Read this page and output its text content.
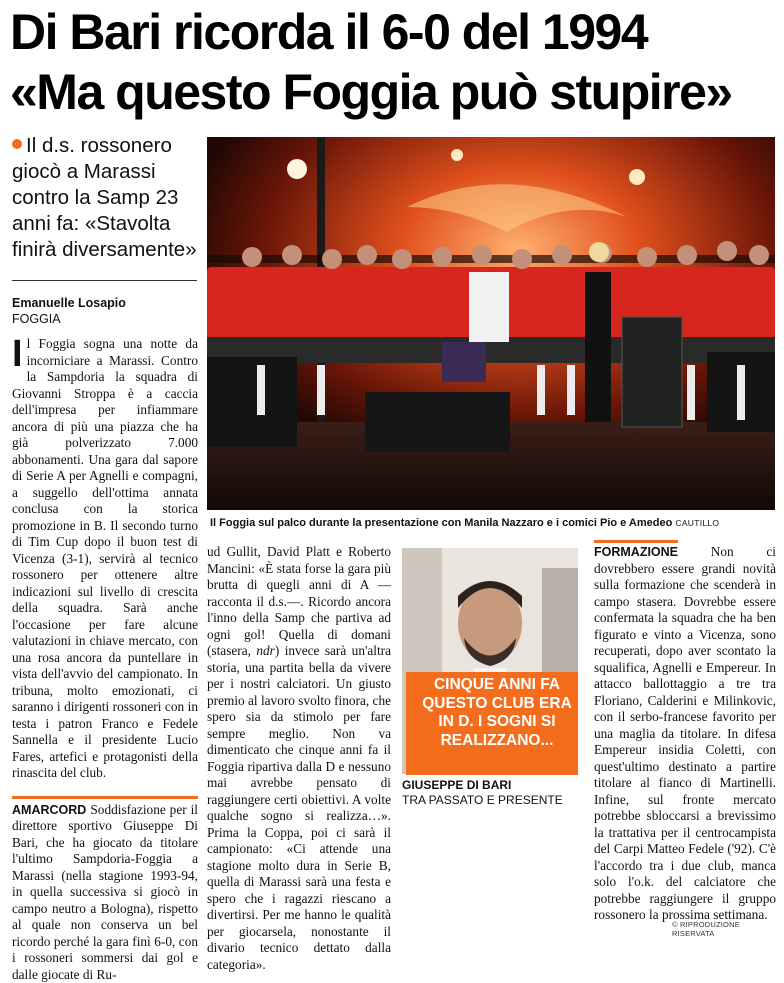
Di Bari ricorda il 6-0 del 1994
«Ma questo Foggia può stupire»
Il d.s. rossonero giocò a Marassi contro la Samp 23 anni fa: «Stavolta finirà diversamente»
Emanuelle Losapio
FOGGIA
Il Foggia sul palco durante la presentazione con Manila Nazzaro e i comici Pio e Amedeo CAUTILLO
Il Foggia sogna una notte da incorniciare a Marassi. Contro la Sampdoria la squadra di Giovanni Stroppa è a caccia dell'impresa per infiammare ancora di più una piazza che ha già polverizzato 7.000 abbonamenti. Una gara dal sapore di Serie A per Agnelli e compagni, a suggello dell'ottima annata conclusa con la storica promozione in B. Il secondo turno di Tim Cup dopo il buon test di Vicenza (3-1), servirà al tecnico rossonero per ottenere altre indicazioni sul livello di crescita della squadra. Sarà anche l'occasione per fare alcune valutazioni in chiave mercato, con una rosa ancora da puntellare in vista dell'avvio del campionato. In tribuna, molto emozionati, ci saranno i dirigenti rossoneri con in testa i patron Franco e Fedele Sannella e il presidente Lucio Fares, artefici e protagonisti della rinascita del club.
AMARCORD Soddisfazione per il direttore sportivo Giuseppe Di Bari, che ha giocato da titolare l'ultimo Sampdoria-Foggia a Marassi (nella stagione 1993-94, in quella successiva si giocò in campo neutro a Bologna), rispetto al quale non conserva un bel ricordo perché la gara finì 6-0, con i rossoneri sommersi dai gol e dalle giocate di Ru-
ud Gullit, David Platt e Roberto Mancini: «È stata forse la gara più brutta di quegli anni di A —racconta il d.s.—. Ricordo ancora l'inno della Samp che partiva ad ogni gol! Quella di domani (stasera, ndr) invece sarà un'altra storia, una partita bella da vivere per i nostri calciatori. Un giusto premio al lavoro svolto finora, che spero sia da stimolo per fare sempre meglio. Non va dimenticato che cinque anni fa il Foggia ripartiva dalla D e nessuno mai avrebbe pensato di raggiungere certi obiettivi. A volte qualche sogno si realizza…». Prima la Coppa, poi ci sarà il campionato: «Ci attende una stagione molto dura in Serie B, quella di Marassi sarà una festa e spero che i ragazzi riescano a divertirsi. Per me hanno le qualità per giocarsela, nonostante il divario tecnico dettato dalla categoria».
CINQUE ANNI FA QUESTO CLUB ERA IN D. I SOGNI SI REALIZZANO...
GIUSEPPE DI BARI
TRA PASSATO E PRESENTE
FORMAZIONE Non ci dovrebbero essere grandi novità sulla formazione che scenderà in campo stasera. Dovrebbe essere confermata la squadra che ha ben figurato e vinto a Vicenza, sono recuperati, dopo aver scontato la squalifica, Agnelli e Empereur. In attacco ballottaggio a tre tra Floriano, Calderini e Milinkovic, con il serbo-francese favorito per una maglia da titolare. In difesa Empereur insidia Coletti, con quest'ultimo destinato a partire titolare al fianco di Martinelli. Infine, sul fronte mercato potrebbe sbloccarsi a brevissimo la trattativa per il centrocampista del Carpi Matteo Fedele ('92). C'è l'accordo tra i due club, manca solo l'o.k. del calciatore che potrebbe raggiungere il gruppo rossonero la prossima settimana.
© RIPRODUZIONE RISERVATA
